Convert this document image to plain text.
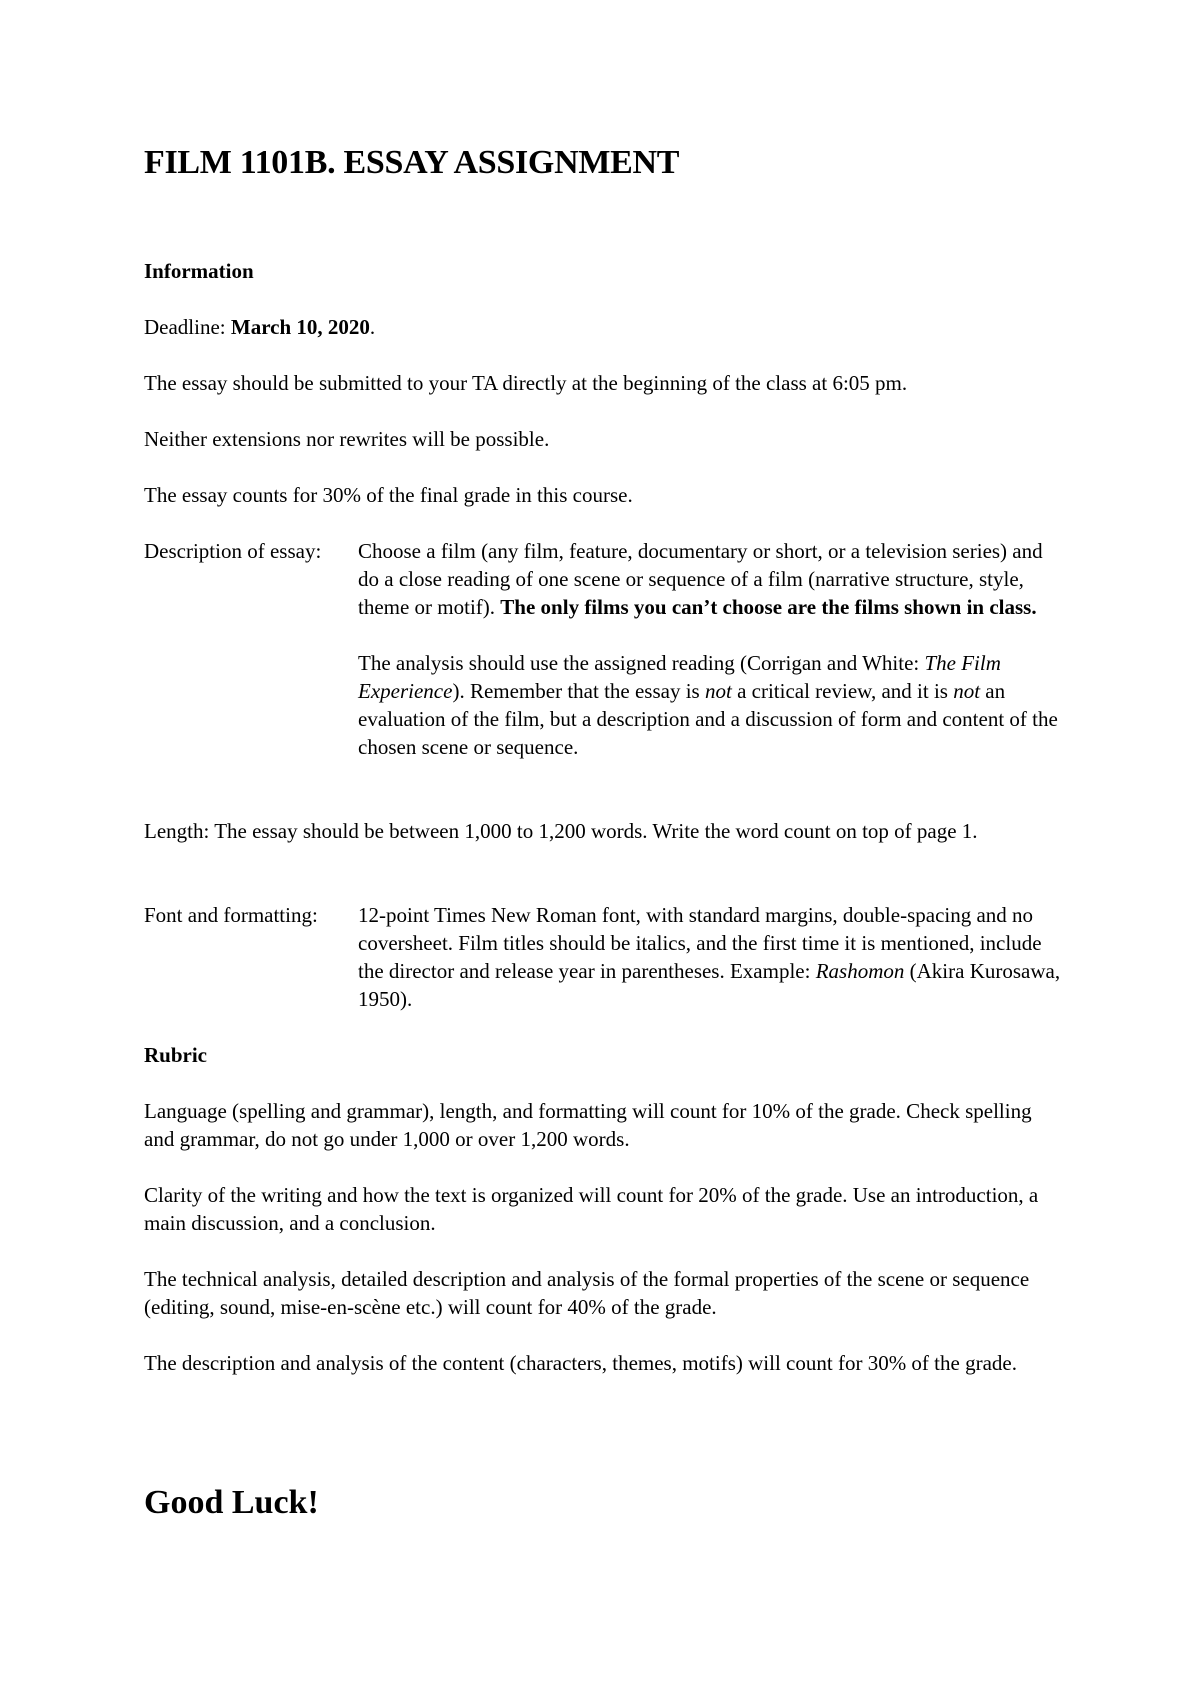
FILM 1101B. ESSAY ASSIGNMENT

Information

Deadline: March 10, 2020.

The essay should be submitted to your TA directly at the beginning of the class at 6:05 pm.

Neither extensions nor rewrites will be possible.

The essay counts for 30% of the final grade in this course.

Description of essay: Choose a film (any film, feature, documentary or short, or a television series) and do a close reading of one scene or sequence of a film (narrative structure, style, theme or motif). The only films you can’t choose are the films shown in class.

The analysis should use the assigned reading (Corrigan and White: The Film Experience). Remember that the essay is not a critical review, and it is not an evaluation of the film, but a description and a discussion of form and content of the chosen scene or sequence.

Length: The essay should be between 1,000 to 1,200 words. Write the word count on top of page 1.

Font and formatting: 12-point Times New Roman font, with standard margins, double-spacing and no coversheet. Film titles should be italics, and the first time it is mentioned, include the director and release year in parentheses. Example: Rashomon (Akira Kurosawa, 1950).

Rubric

Language (spelling and grammar), length, and formatting will count for 10% of the grade. Check spelling and grammar, do not go under 1,000 or over 1,200 words.

Clarity of the writing and how the text is organized will count for 20% of the grade. Use an introduction, a main discussion, and a conclusion.

The technical analysis, detailed description and analysis of the formal properties of the scene or sequence (editing, sound, mise-en-scène etc.) will count for 40% of the grade.

The description and analysis of the content (characters, themes, motifs) will count for 30% of the grade.

Good Luck!
